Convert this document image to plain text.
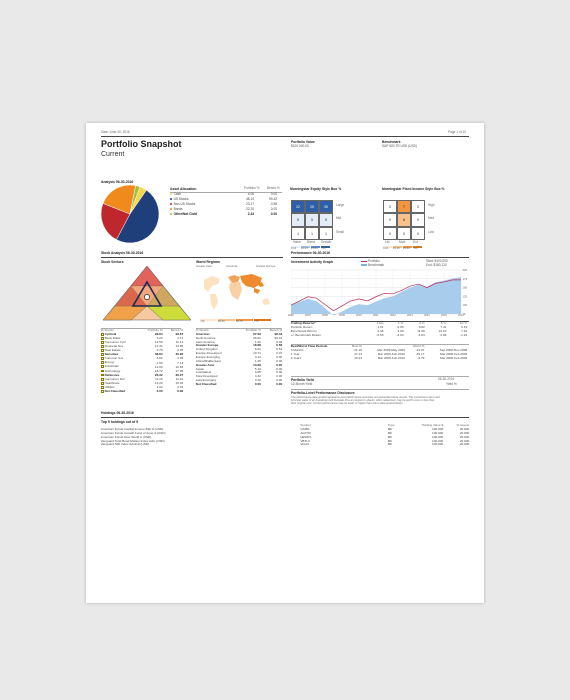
Date: June 30, 2016	Page 1 of 10
Portfolio Snapshot
Current
Portfolio Value
$100,000.00
Benchmark
S&P 500 TR USD (USD)
Analysis 06-30-2016
Asset Allocation	Portfolio % Bench %
Cash	4.06	0.00
US Stocks	48.14	99.42
Non-US Stocks	23.17	0.58
Bonds	22.20	0.00
Other/Not Clsfd	2.43	0.00
Morningstar Equity Style Box %
22	25	35
5	5	5
1	1	1
Large
Mid
Small
Value Blend Growth
0-10 10-25 25-50 >50
Morningstar Fixed Income Style Box %
0	7	0
0	8	0
0	0	0
High
Med
Low
Ltd	Mod Ext
0-10 10-25 25-50 >50
Stock Analysis 06-30-2016
Stock Sectors	World Regions
Greater Asia	Americas	Greater Europe
<25	25-50	50-75	>75
% Stocks	Portfolio %	Bench %
Cyclical	28.84	29.67
Basic Matls	3.23	2.73
Consumer Cycl	12.50	11.14
Financial Svs	12.33	14.85
Real Estate	0.78	2.95
Sensitive	38.84	40.26
Commun Svs	3.62	4.35
Energy	4.50	7.13
Industrials	12.00	10.83
Technology	18.72	17.95
Defensive	26.32	30.07
Consumer Def	11.10	11.42
Healthcare	14.20	15.32
Utilities	1.02	3.33
Not Classified	0.00	0.00
% Stocks	Portfolio %	Bench %
Americas	67.63	99.42
North America	66.61	99.42
Latin America	1.02	0.00

Greater Europe	18.68	0.58
United Kingdom	6.61	0.51
Europe Developed	10.71	0.07
Europe Emerging	0.11	0.00
Africa/Middle East	1.25	0.00

Greater Asia	13.69	0.00
Japan	5.10	0.00
Australasia	0.85	0.00
Asia Developed	4.32	0.00
Asia Emerging	3.42	0.00
Not Classified	0.00	0.00
Performance 06-30-2016
Investment Activity Graph	Portfolio
Benchmark
Start: $100,000
End: $180,120
200
175
150
125
100
75
2006	2007	2008	2009	2010	2011	2012	2013	2014	2015	2016
Trailing Returns*	3 Mo	1 Yr	3 Yr	5 Yr	10 Yr
Portfolio Return	1.91	0.95	6.82	7.41	6.19
Benchmark Return	2.46	3.99	11.66	12.10	7.42
+/- Benchmark Return	-0.55	-3.04	-4.84	-4.69	-1.23
Best/Worst Time Periods	Best %		Worst %	
3 Months	21.15	Mar 2009-May 2009	-24.97	Sep 2008-Nov 2008
1 Year	47.13	Mar 2009-Feb 2010	-39.17	Mar 2008-Feb 2009
3 Years	19.14	Mar 2009-Feb 2012	-9.79	Mar 2006-Feb 2009
Portfolio Yield	06-30-2016
12-Month Yield	Yield %
Portfolio-Level Performance Disclosure
The performance data quoted represents past performance and does not guarantee future results. The investment return and
principal value of an investment will fluctuate thus an investor's shares, when redeemed, may be worth more or less than
their original cost. Current performance may be lower or higher than return data quoted herein.
Holdings 06-30-2016
Top 5 holdings out of 5
	Symbol	Type	Holding Value $	% Assets
American Funds Capital Income Bldr A (USD)	CAIBX	MF	100,000	20.000
American Funds Growth Fund of Amer A (USD)	AGTHX	MF	100,000	20.000
American Funds New World A (USD)	NEWFX	MF	100,000	20.000
Vanguard Total Bond Market Index Adm (USD)	VBTLX	MF	100,000	20.000
Vanguard 500 Index Admiral (USD)	VFIAX	MF	100,000	20.000
